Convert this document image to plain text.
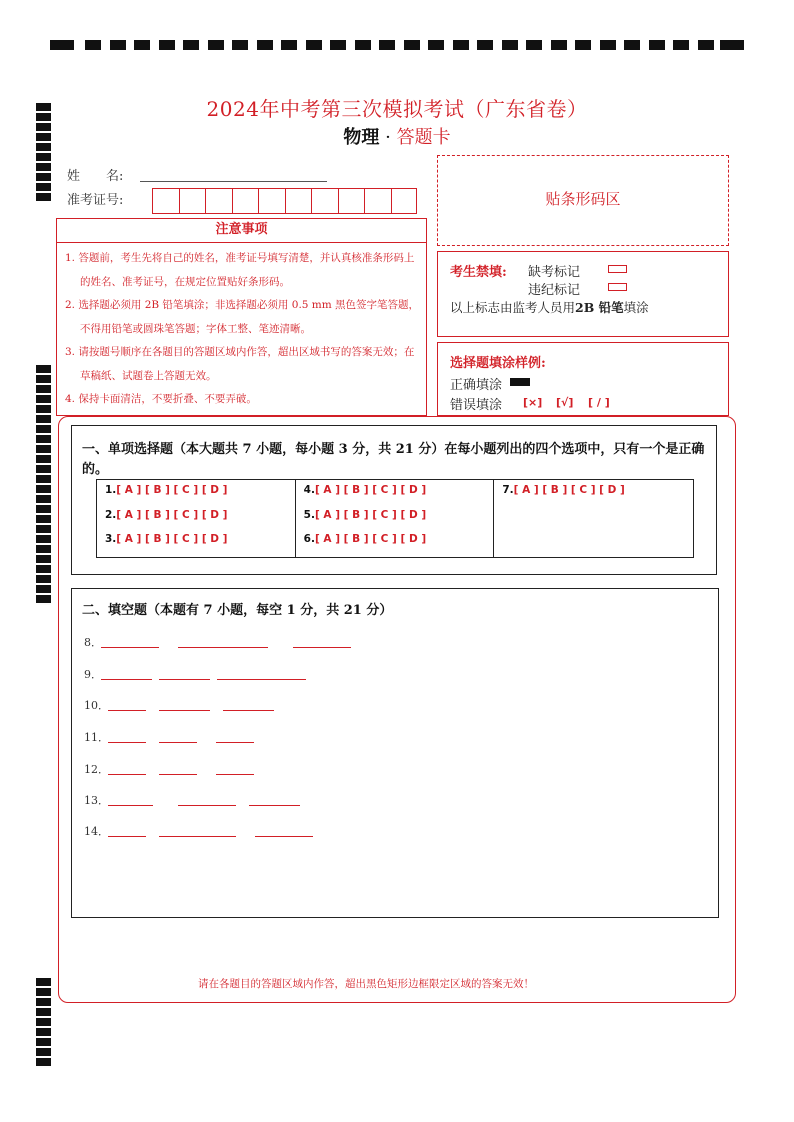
2024年中考第三次模拟考试（广东省卷）
物理 · 答题卡
姓　　名:
准考证号:
注意事项
1. 答题前，考生先将自己的姓名，准考证号填写清楚，并认真核准条形码上的姓名、准考证号，在规定位置贴好条形码。
2. 选择题必须用 2B 铅笔填涂；非选择题必须用 0.5 mm 黑色签字笔答题，不得用铅笔或圆珠笔答题；字体工整、笔迹清晰。
3. 请按题号顺序在各题目的答题区域内作答，超出区域书写的答案无效；在草稿纸、试题卷上答题无效。
4. 保持卡面清洁，不要折叠、不要弄破。
贴条形码区
考生禁填: 缺考标记
违纪标记
以上标志由监考人员用2B 铅笔填涂
选择题填涂样例:
正确填涂
错误填涂 [×] [√] [ / ]
一、单项选择题（本大题共 7 小题，每小题 3 分，共 21 分）在每小题列出的四个选项中，只有一个是正确的。
1.[ A ] [ B ] [ C ] [ D ]
2.[ A ] [ B ] [ C ] [ D ]
3.[ A ] [ B ] [ C ] [ D ]
4.[ A ] [ B ] [ C ] [ D ]
5.[ A ] [ B ] [ C ] [ D ]
6.[ A ] [ B ] [ C ] [ D ]
7.[ A ] [ B ] [ C ] [ D ]
二、填空题（本题有 7 小题，每空 1 分，共 21 分）
8．
9．
10．
11．
12．
13．
14．
请在各题目的答题区域内作答，超出黑色矩形边框限定区域的答案无效！
